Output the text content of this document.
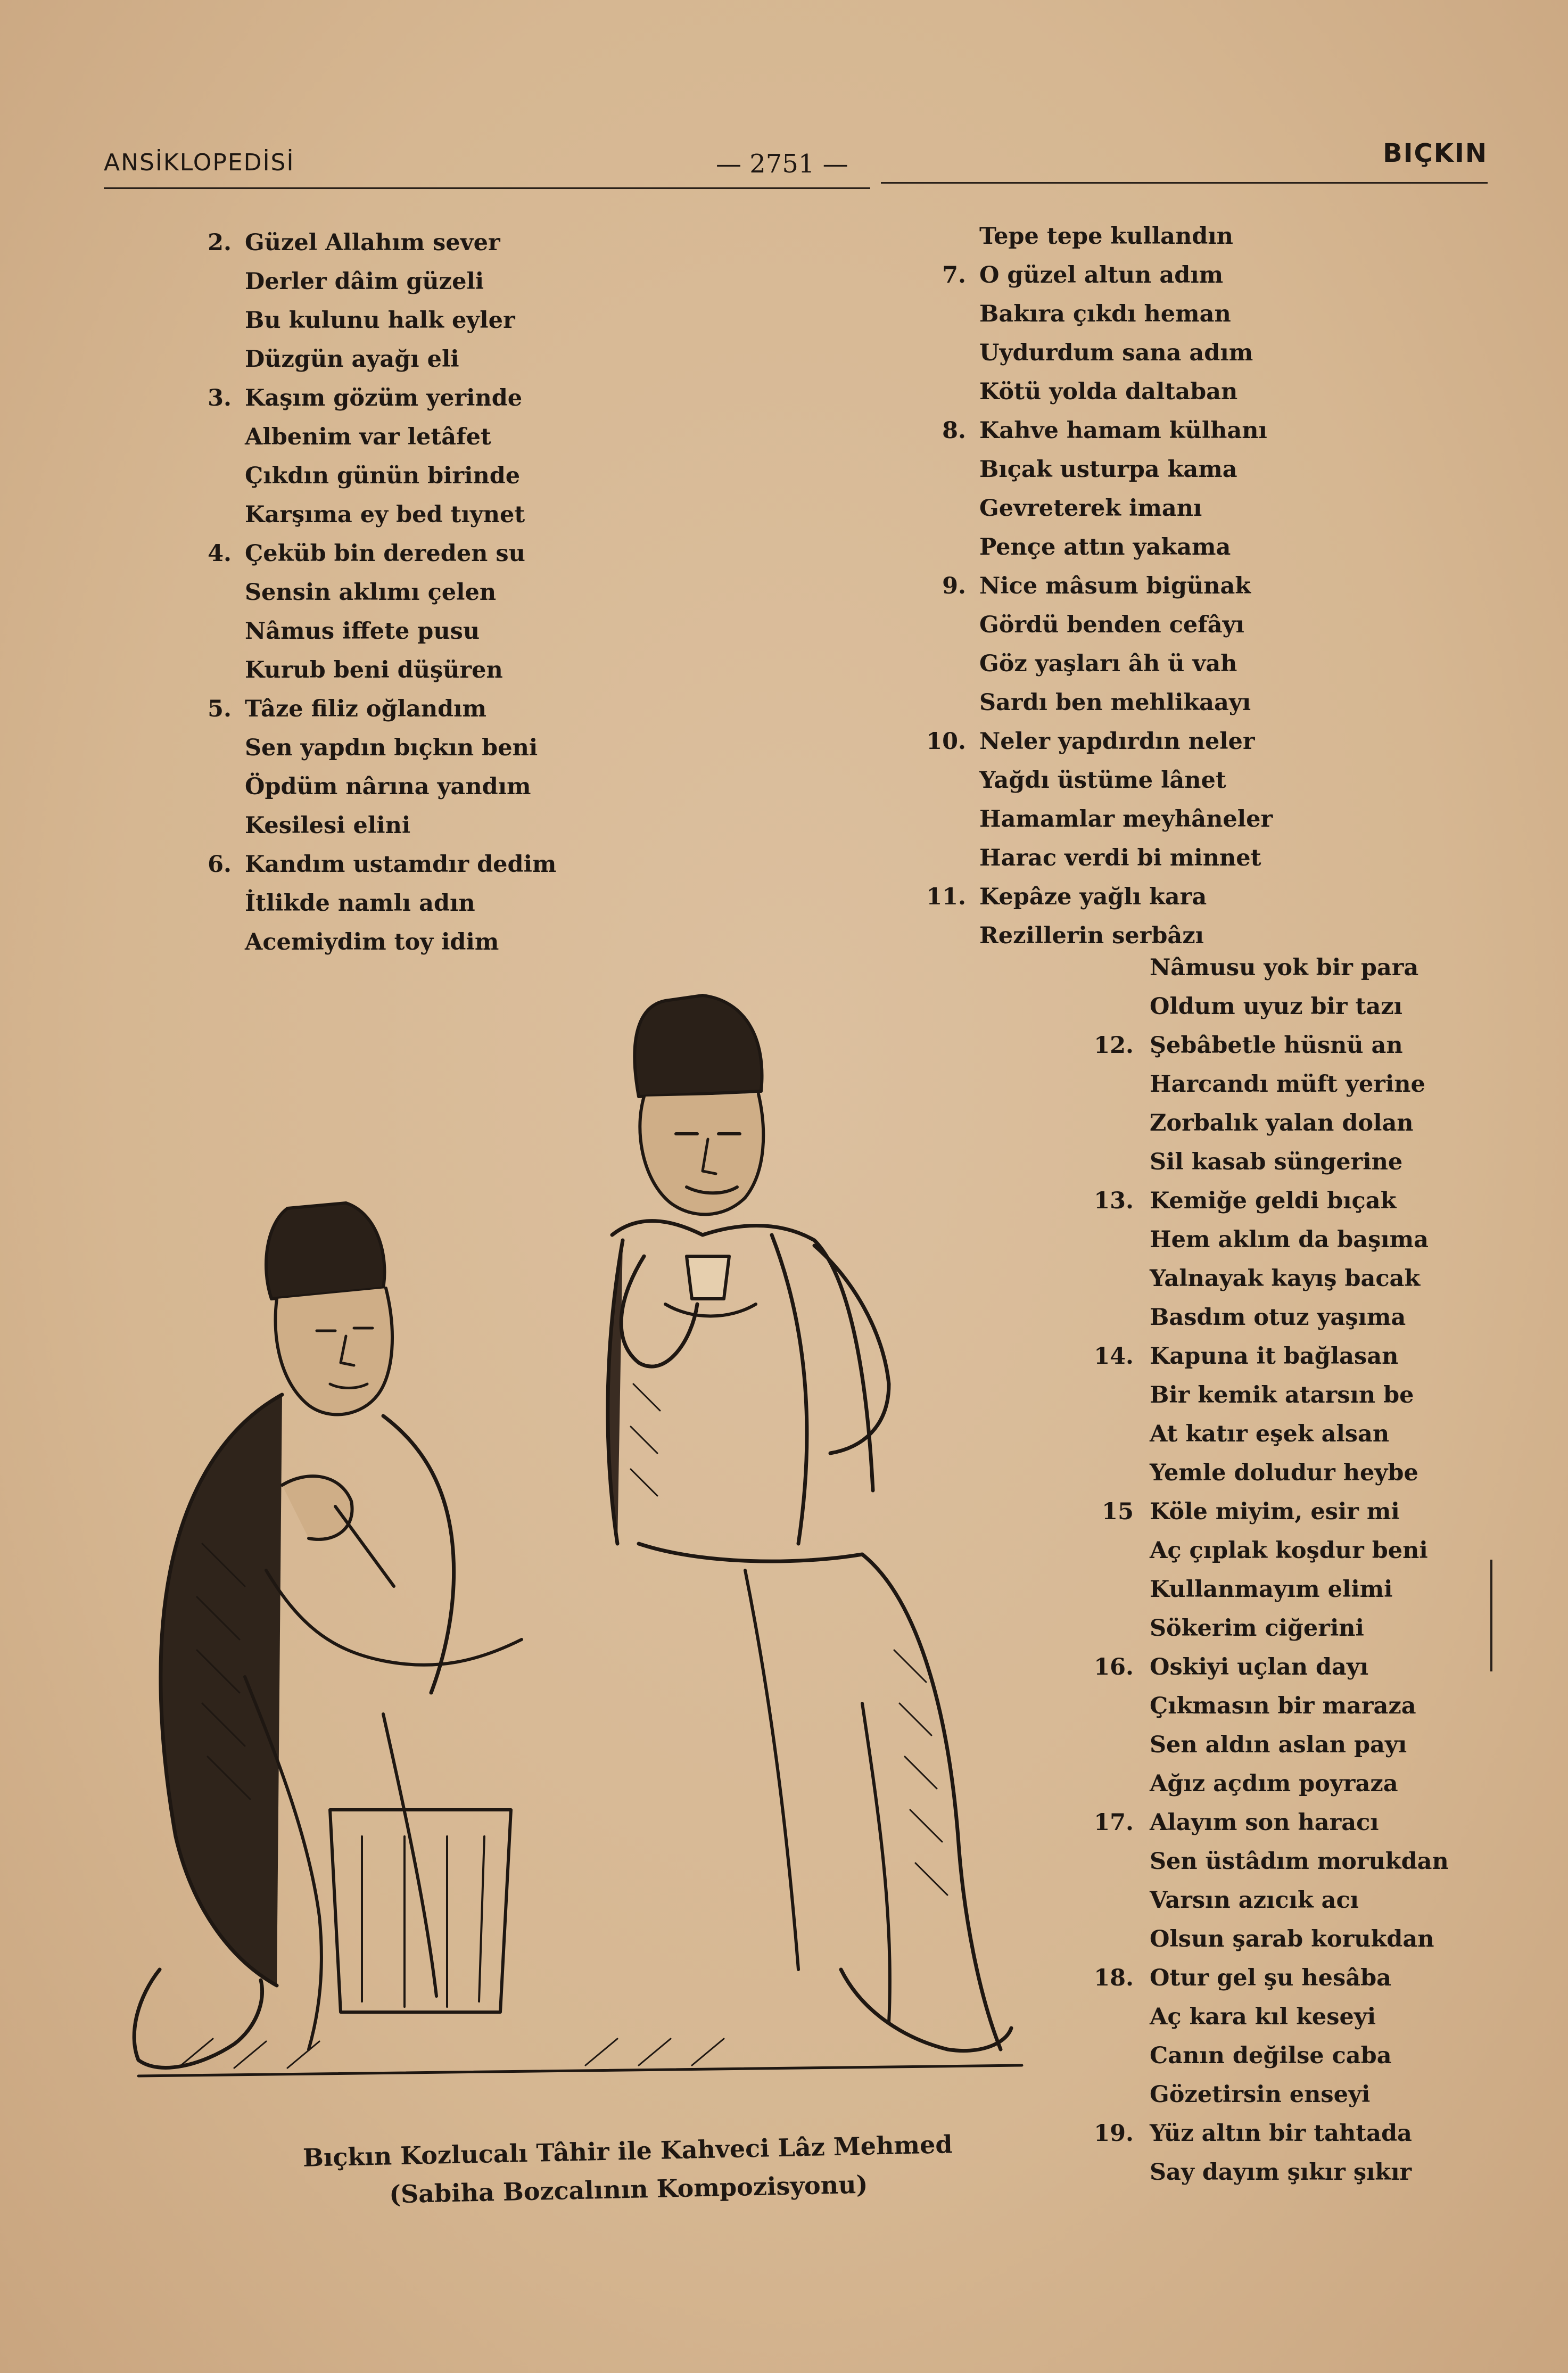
ANSİKLOPEDİSİ	— 2751 —	BIÇKIN
2. Güzel Allahım sever
Derler dâim güzeli
Bu kulunu halk eyler
Düzgün ayağı eli
3. Kaşım gözüm yerinde
Albenim var letâfet
Çıkdın günün birinde
Karşıma ey bed tıynet
4. Çeküb bin dereden su
Sensin aklımı çelen
Nâmus iffete pusu
Kurub beni düşüren
5. Tâze filiz oğlandım
Sen yapdın bıçkın beni
Öpdüm nârına yandım
Kesilesi elini
6. Kandım ustamdır dedim
İtlikde namlı adın
Acemiydim toy idim
Tepe tepe kullandın
7. O güzel altun adım
Bakıra çıkdı heman
Uydurdum sana adım
Kötü yolda daltaban
8. Kahve hamam külhanı
Bıçak usturpa kama
Gevreterek imanı
Pençe attın yakama
9. Nice mâsum bigünak
Gördü benden cefâyı
Göz yaşları âh ü vah
Sardı ben mehlikaayı
10. Neler yapdırdın neler
Yağdı üstüme lânet
Hamamlar meyhâneler
Harac verdi bi minnet
11. Kepâze yağlı kara
Rezillerin serbâzı
Nâmusu yok bir para
Oldum uyuz bir tazı
12. Şebâbetle hüsnü an
Harcandı müft yerine
Zorbalık yalan dolan
Sil kasab süngerine
13. Kemiğe geldi bıçak
Hem aklım da başıma
Yalnayak kayış bacak
Basdım otuz yaşıma
14. Kapuna it bağlasan
Bir kemik atarsın be
At katır eşek alsan
Yemle doludur heybe
15 Köle miyim, esir mi
Aç çıplak koşdur beni
Kullanmayım elimi
Sökerim ciğerini
16. Oskiyi uçlan dayı
Çıkmasın bir maraza
Sen aldın aslan payı
Ağız açdım poyraza
17. Alayım son haracı
Sen üstâdım morukdan
Varsın azıcık acı
Olsun şarab korukdan
18. Otur gel şu hesâba
Aç kara kıl keseyi
Canın değilse caba
Gözetirsin enseyi
19. Yüz altın bir tahtada
Say dayım şıkır şıkır
Bıçkın Kozlucalı Tâhir ile Kahveci Lâz Mehmed
(Sabiha Bozcalının Kompozisyonu)
